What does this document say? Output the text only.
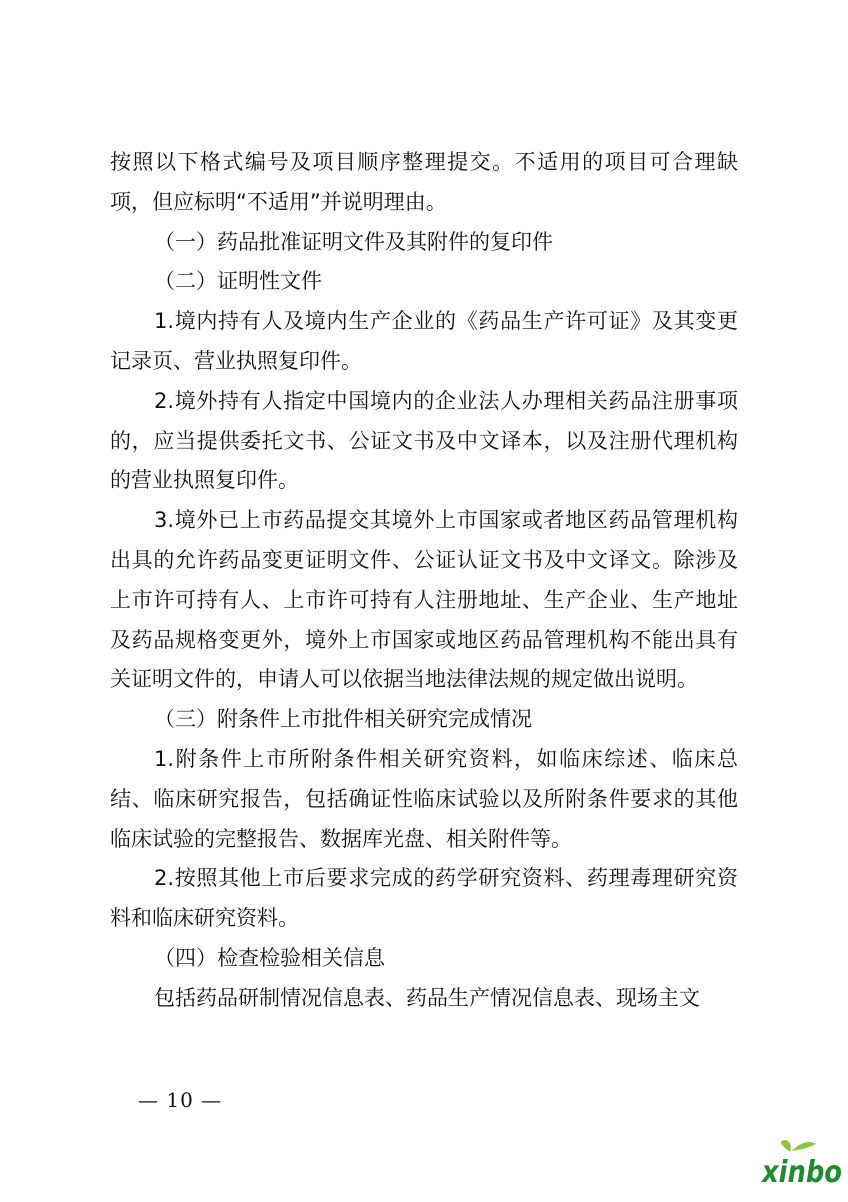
按照以下格式编号及项目顺序整理提交。不适用的项目可合理缺项，但应标明“不适用”并说明理由。

（一）药品批准证明文件及其附件的复印件

（二）证明性文件

1.境内持有人及境内生产企业的《药品生产许可证》及其变更记录页、营业执照复印件。

2.境外持有人指定中国境内的企业法人办理相关药品注册事项的，应当提供委托文书、公证文书及中文译本，以及注册代理机构的营业执照复印件。

3.境外已上市药品提交其境外上市国家或者地区药品管理机构出具的允许药品变更证明文件、公证认证文书及中文译文。除涉及上市许可持有人、上市许可持有人注册地址、生产企业、生产地址及药品规格变更外，境外上市国家或地区药品管理机构不能出具有关证明文件的，申请人可以依据当地法律法规的规定做出说明。

（三）附条件上市批件相关研究完成情况

1.附条件上市所附条件相关研究资料，如临床综述、临床总结、临床研究报告，包括确证性临床试验以及所附条件要求的其他临床试验的完整报告、数据库光盘、相关附件等。

2.按照其他上市后要求完成的药学研究资料、药理毒理研究资料和临床研究资料。

（四）检查检验相关信息

包括药品研制情况信息表、药品生产情况信息表、现场主文

— 10 —
xinbo
